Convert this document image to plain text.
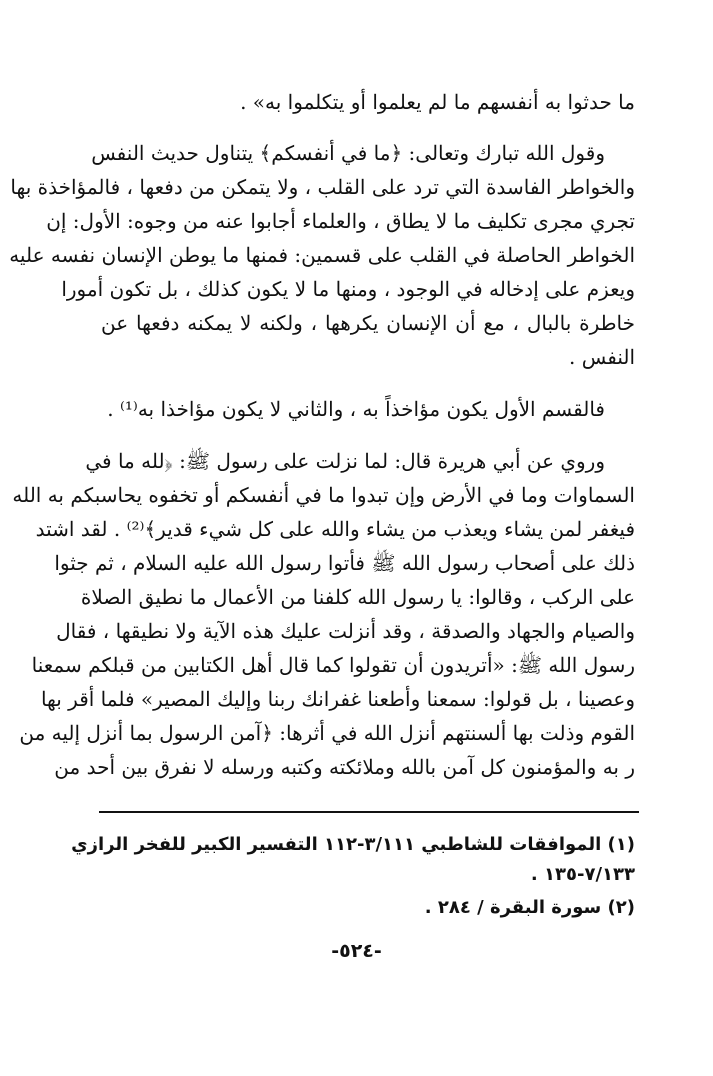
ما حدثوا به أنفسهم ما لم يعلموا أو يتكلموا به» .
وقول الله تبارك وتعالى: ﴿ما في أنفسكم﴾ يتناول حديث النفس
والخواطر الفاسدة التي ترد على القلب ، ولا يتمكن من دفعها ، فالمؤاخذة بها
تجري مجرى تكليف ما لا يطاق ، والعلماء أجابوا عنه من وجوه: الأول: إن
الخواطر الحاصلة في القلب على قسمين: فمنها ما يوطن الإنسان نفسه عليه
ويعزم على إدخاله في الوجود ، ومنها ما لا يكون كذلك ، بل تكون أمورا
خاطرة بالبال ، مع أن الإنسان يكرهها ، ولكنه لا يمكنه دفعها عن
النفس .
فالقسم الأول يكون مؤاخذاً به ، والثاني لا يكون مؤاخذا به⁽¹⁾ .
وروي عن أبي هريرة قال: لما نزلت على رسول ﷺ: ﴿لله ما في
السماوات وما في الأرض وإن تبدوا ما في أنفسكم أو تخفوه يحاسبكم به الله
فيغفر لمن يشاء ويعذب من يشاء والله على كل شيء قدير﴾⁽²⁾ . لقد اشتد
ذلك على أصحاب رسول الله ﷺ فأتوا رسول الله عليه السلام ، ثم جثوا
على الركب ، وقالوا: يا رسول الله كلفنا من الأعمال ما نطيق الصلاة
والصيام والجهاد والصدقة ، وقد أنزلت عليك هذه الآية ولا نطيقها ، فقال
رسول الله ﷺ: «أتريدون أن تقولوا كما قال أهل الكتابين من قبلكم سمعنا
وعصينا ، بل قولوا: سمعنا وأطعنا غفرانك ربنا وإليك المصير» فلما أقر بها
القوم وذلت بها ألسنتهم أنزل الله في أثرها: ﴿آمن الرسول بما أنزل إليه من
ر به والمؤمنون كل آمن بالله وملائكته وكتبه ورسله لا نفرق بين أحد من
(١) الموافقات للشاطبي ٣/١١١-١١٢ التفسير الكبير للفخر الرازي
٧/١٣٣-١٣٥ .
(٢) سورة البقرة / ٢٨٤ .
-٥٢٤-
